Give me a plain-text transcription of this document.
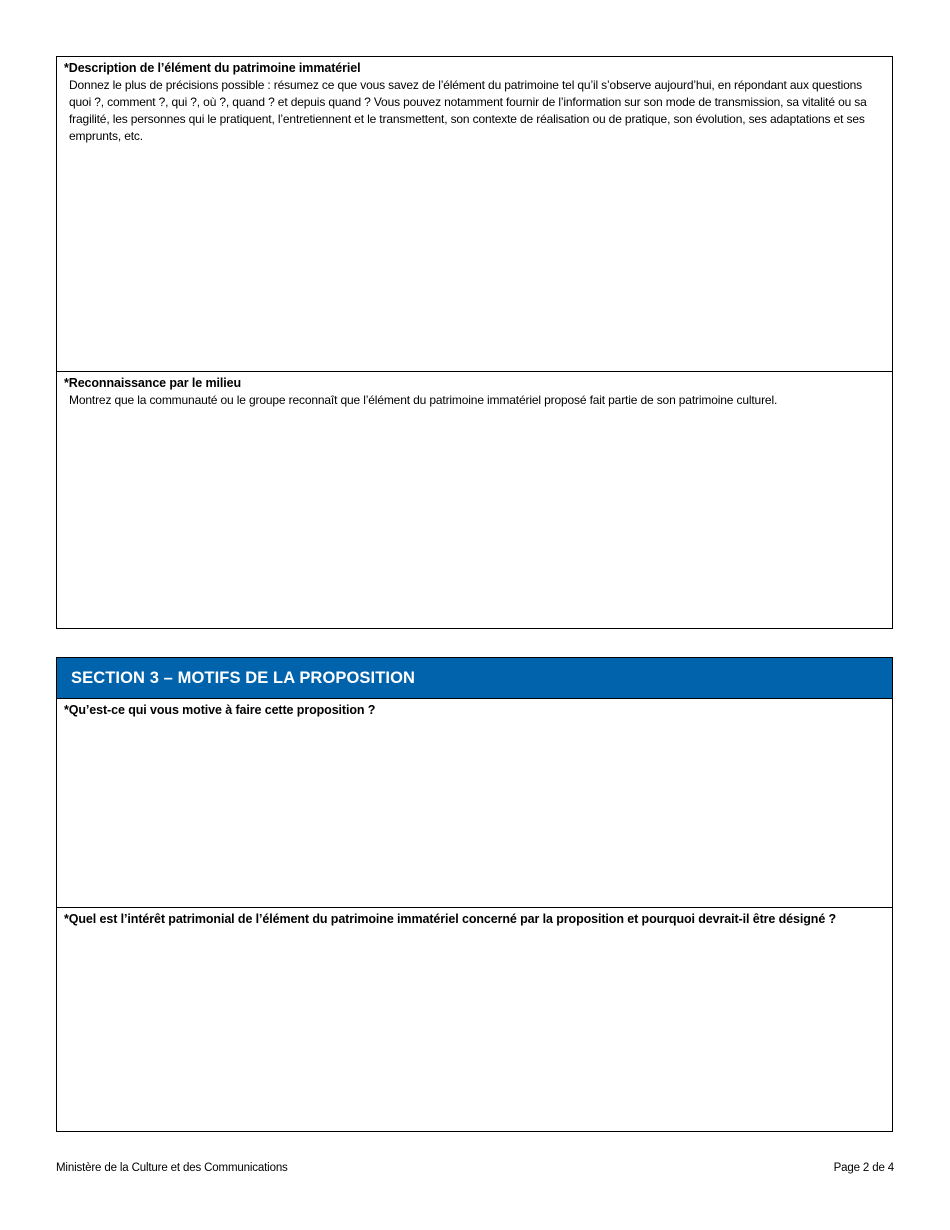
*Description de l’élément du patrimoine immatériel
Donnez le plus de précisions possible : résumez ce que vous savez de l’élément du patrimoine tel qu’il s’observe aujourd’hui, en répondant aux questions quoi ?, comment ?, qui ?, où ?, quand ? et depuis quand ? Vous pouvez notamment fournir de l’information sur son mode de transmission, sa vitalité ou sa fragilité, les personnes qui le pratiquent, l’entretiennent et le transmettent, son contexte de réalisation ou de pratique, son évolution, ses adaptations et ses emprunts, etc.
*Reconnaissance par le milieu
Montrez que la communauté ou le groupe reconnaît que l’élément du patrimoine immatériel proposé fait partie de son patrimoine culturel.
SECTION 3 – MOTIFS DE LA PROPOSITION
*Qu’est-ce qui vous motive à faire cette proposition ?
*Quel est l’intérêt patrimonial de l’élément du patrimoine immatériel concerné par la proposition et pourquoi devrait-il être désigné ?
Ministère de la Culture et des Communications	Page 2 de 4
